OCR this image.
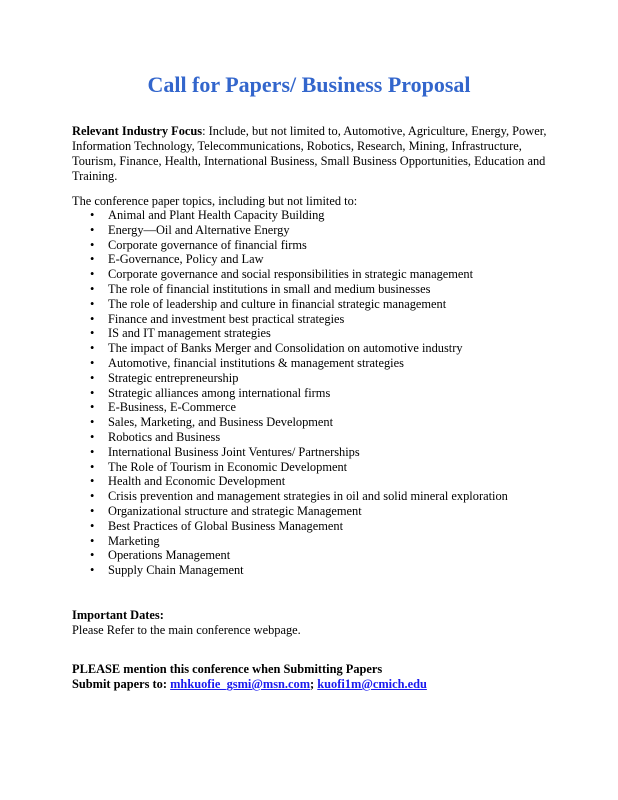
Call for Papers/ Business Proposal

Relevant Industry Focus: Include, but not limited to, Automotive, Agriculture, Energy, Power, Information Technology, Telecommunications, Robotics, Research, Mining, Infrastructure, Tourism, Finance, Health, International Business, Small Business Opportunities, Education and Training.

The conference paper topics, including but not limited to:

• Animal and Plant Health Capacity Building
• Energy—Oil and Alternative Energy
• Corporate governance of financial firms
• E-Governance, Policy and Law
• Corporate governance and social responsibilities in strategic management
• The role of financial institutions in small and medium businesses
• The role of leadership and culture in financial strategic management
• Finance and investment best practical strategies
• IS and IT management strategies
• The impact of Banks Merger and Consolidation on automotive industry
• Automotive, financial institutions & management strategies
• Strategic entrepreneurship
• Strategic alliances among international firms
• E-Business, E-Commerce
• Sales, Marketing, and Business Development
• Robotics and Business
• International Business Joint Ventures/ Partnerships
• The Role of Tourism in Economic Development
• Health and Economic Development
• Crisis prevention and management strategies in oil and solid mineral exploration
• Organizational structure and strategic Management
• Best Practices of Global Business Management
• Marketing
• Operations Management
• Supply Chain Management

Important Dates:

Please Refer to the main conference webpage.

PLEASE mention this conference when Submitting Papers

Submit papers to: mhkuofie_gsmi@msn.com; kuofi1m@cmich.edu
